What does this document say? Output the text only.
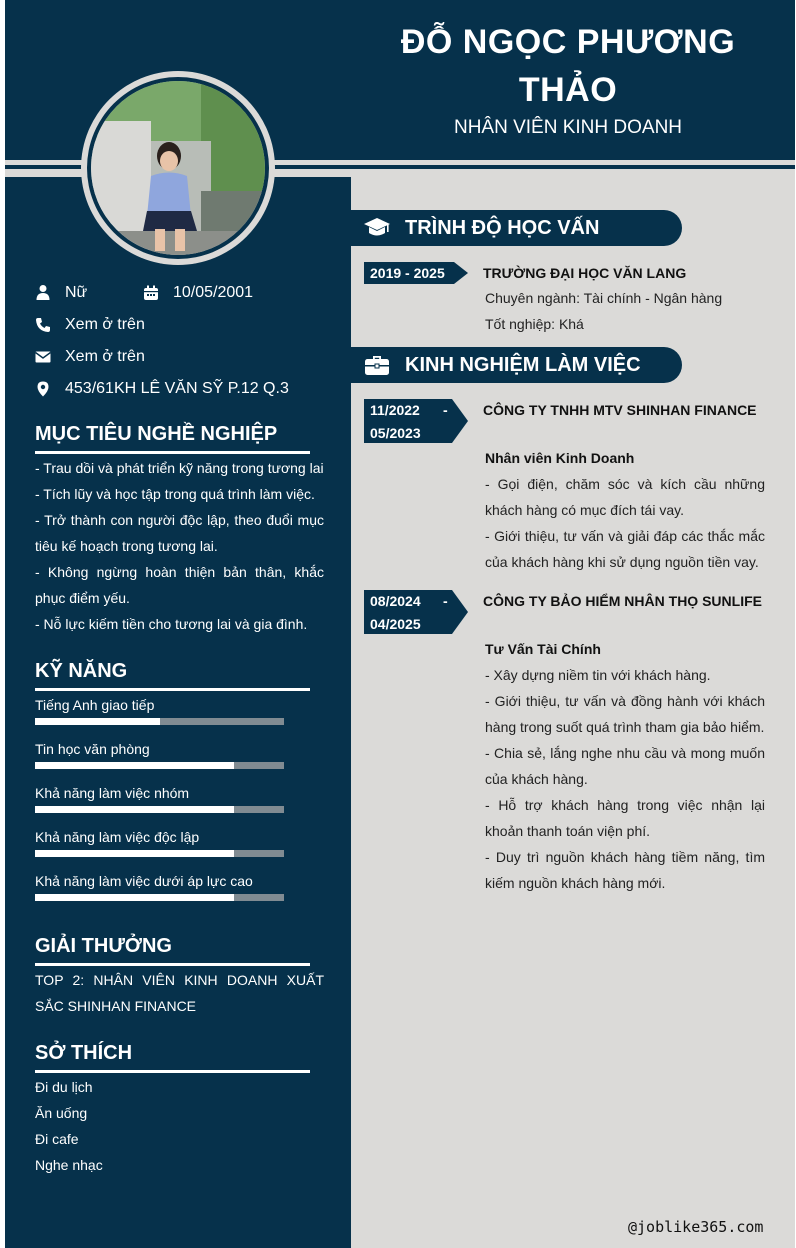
ĐỖ NGỌC PHƯƠNG
THẢO
NHÂN VIÊN KINH DOANH
Nữ	10/05/2001
Xem ở trên
Xem ở trên
453/61KH LÊ VĂN SỸ P.12 Q.3
MỤC TIÊU NGHỀ NGHIỆP
- Trau dồi và phát triển kỹ năng trong tương lai
- Tích lũy và học tập trong quá trình làm việc.
- Trở thành con người độc lập, theo đuổi mục tiêu kế hoạch trong tương lai.
- Không ngừng hoàn thiện bản thân, khắc phục điểm yếu.
- Nỗ lực kiếm tiền cho tương lai và gia đình.
KỸ NĂNG
Tiếng Anh giao tiếp
Tin học văn phòng
Khả năng làm việc nhóm
Khả năng làm việc độc lập
Khả năng làm việc dưới áp lực cao
GIẢI THƯỞNG
TOP 2: NHÂN VIÊN KINH DOANH XUẤT SẮC SHINHAN FINANCE
SỞ THÍCH
Đi du lịch
Ăn uống
Đi cafe
Nghe nhạc
TRÌNH ĐỘ HỌC VẤN
2019 - 2025	TRƯỜNG ĐẠI HỌC VĂN LANG
Chuyên ngành: Tài chính - Ngân hàng
Tốt nghiệp: Khá
KINH NGHIỆM LÀM VIỆC
11/2022 -
05/2023
CÔNG TY TNHH MTV SHINHAN FINANCE
Nhân viên Kinh Doanh
- Gọi điện, chăm sóc và kích cầu những khách hàng có mục đích tái vay.
- Giới thiệu, tư vấn và giải đáp các thắc mắc của khách hàng khi sử dụng nguồn tiền vay.
08/2024 -
04/2025
CÔNG TY BẢO HIỂM NHÂN THỌ SUNLIFE
Tư Vấn Tài Chính
- Xây dựng niềm tin với khách hàng.
- Giới thiệu, tư vấn và đồng hành với khách hàng trong suốt quá trình tham gia bảo hiểm.
- Chia sẻ, lắng nghe nhu cầu và mong muốn của khách hàng.
- Hỗ trợ khách hàng trong việc nhận lại khoản thanh toán viện phí.
- Duy trì nguồn khách hàng tiềm năng, tìm kiếm nguồn khách hàng mới.
@joblike365.com
